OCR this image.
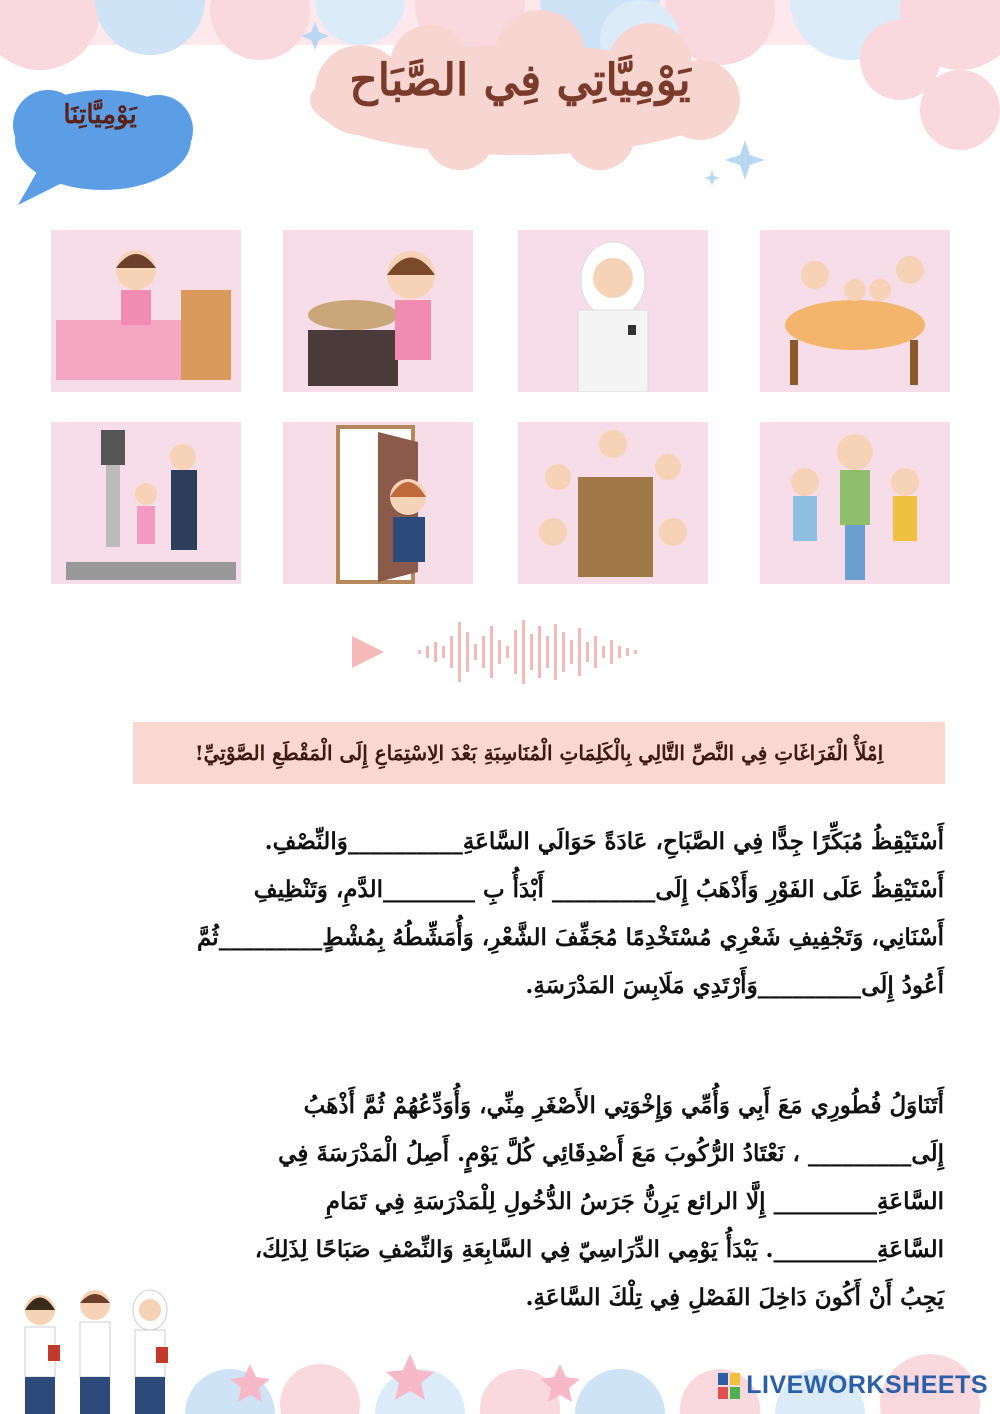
يَوْمِيَّاتِي فِي الصَّبَاح
يَوْمِيَّاتِنَا
اِمْلَأْ الْفَرَاغَاتِ فِي النَّصِّ التَّالِي بِالْكَلِمَاتِ الْمُنَاسِبَةِ بَعْدَ الِاسْتِمَاعِ إِلَى الْمَقْطَعِ الصَّوْتِيِّ!

أَسْتَيْقِظُ مُبَكِّرًا جِدًّا فِي الصَّبَاحِ، عَادَةً حَوَالَي السَّاعَةِ__________وَالنِّصْفِ.

أَسْتَيْقِظُ عَلَى الفَوْرِ وَأَذْهَبُ إِلَى_________ أَبْدَأُ بِ ________الدَّمِ، وَتَنْظِيفِ

أَسْنَانِي، وَتَجْفِيفِ شَعْرِي مُسْتَخْدِمًا مُجَفِّفَ الشَّعْرِ، وَأُمَشِّطُهُ بِمُشْطٍ_________ثُمَّ

أَعُودُ إِلَى_________وَأَرْتَدِي مَلَابِسَ المَدْرَسَةِ.

أَتَنَاوَلُ فُطُورِي مَعَ أَبِي وَأُمِّي وَإِخْوَتِي الأَصْغَرِ مِنِّي، وَأُوَدِّعُهُمْ ثُمَّ أَذْهَبُ

إِلَى_________ ، نَعْتَادُ الرُّكُوبَ مَعَ أَصْدِقَائِي كُلَّ يَوْمٍ. أَصِلُ الْمَدْرَسَةَ فِي

السَّاعَةِ_________ إِلَّا الرائع يَرِنُّ جَرَسُ الدُّخُولِ لِلْمَدْرَسَةِ فِي تَمَامِ

السَّاعَةِ_________. يَبْدَأُ يَوْمِي الدِّرَاسِيّ فِي السَّابِعَةِ وَالنِّصْفِ صَبَاحًا لِذَلِكَ،

يَجِبُ أَنْ أَكُونَ دَاخِلَ الفَصْلِ فِي تِلْكَ السَّاعَةِ.

LIVEWORKSHEETS
